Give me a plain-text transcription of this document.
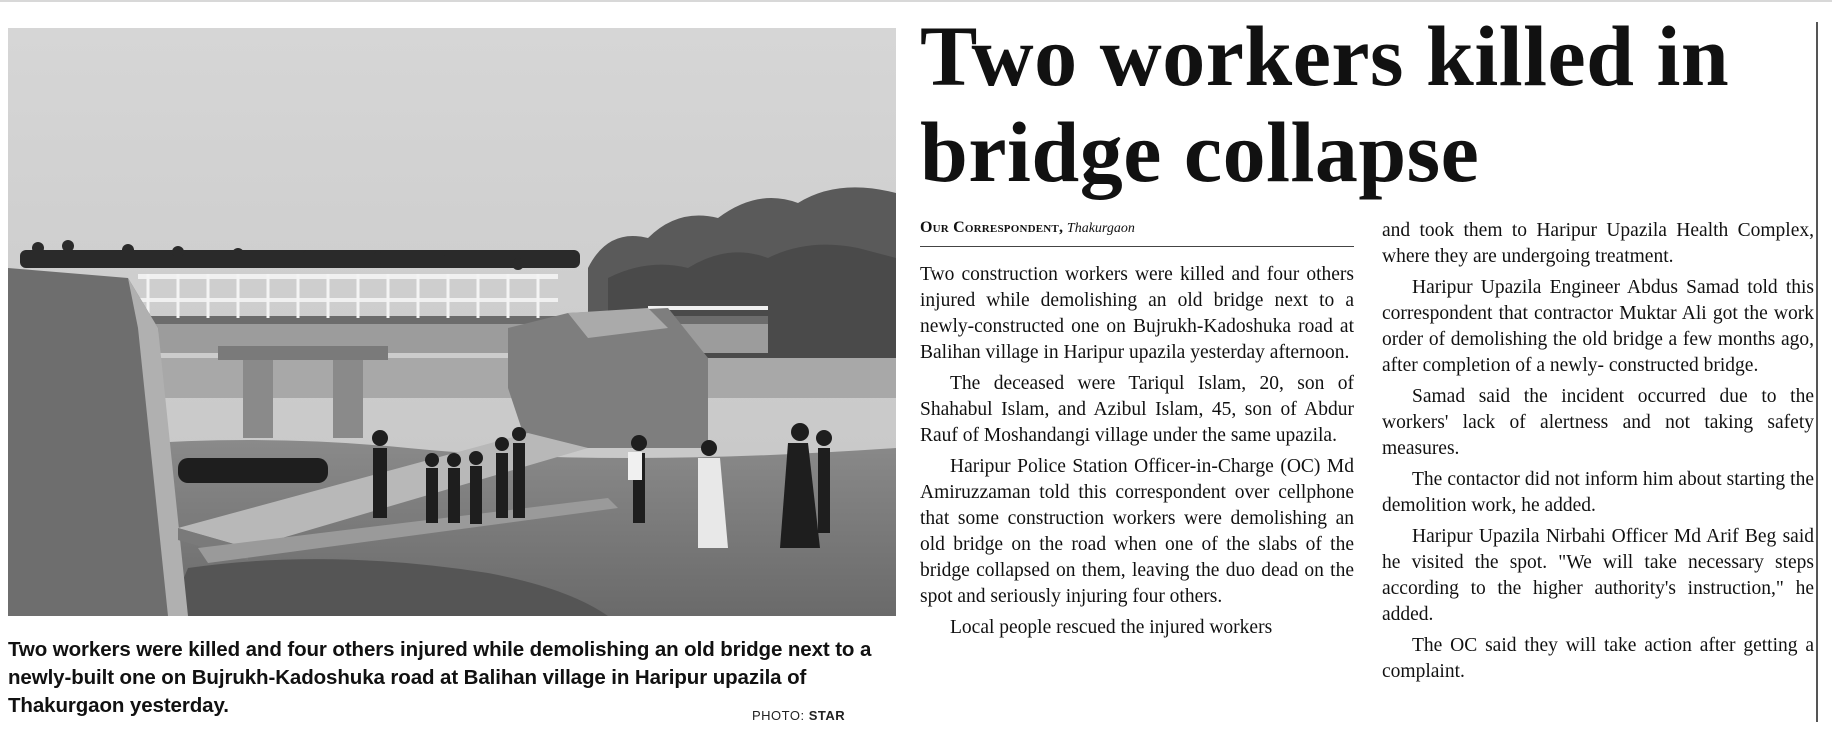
Two workers were killed and four others injured while demolishing an old bridge next to a newly-built one on Bujrukh-Kadoshuka road at Balihan village in Haripur upazila of Thakurgaon yesterday.	PHOTO: STAR
Two workers killed in bridge collapse
Our Correspondent, Thakurgaon

Two construction workers were killed and four others injured while demolishing an old bridge next to a newly-constructed one on Bujrukh-Kadoshuka road at Balihan village in Haripur upazila yesterday afternoon.

The deceased were Tariqul Islam, 20, son of Shahabul Islam, and Azibul Islam, 45, son of Abdur Rauf of Moshandangi village under the same upazila.

Haripur Police Station Officer-in-Charge (OC) Md Amiruzzaman told this correspondent over cellphone that some construction workers were demolishing an old bridge on the road when one of the slabs of the bridge collapsed on them, leaving the duo dead on the spot and seriously injuring four others.

Local people rescued the injured workers

and took them to Haripur Upazila Health Complex, where they are undergoing treatment.

Haripur Upazila Engineer Abdus Samad told this correspondent that contractor Muktar Ali got the work order of demolishing the old bridge a few months ago, after completion of a newly- constructed bridge.

Samad said the incident occurred due to the workers' lack of alertness and not taking safety measures.

The contactor did not inform him about starting the demolition work, he added.

Haripur Upazila Nirbahi Officer Md Arif Beg said he visited the spot. "We will take necessary steps according to the higher authority's instruction," he added.

The OC said they will take action after getting a complaint.
